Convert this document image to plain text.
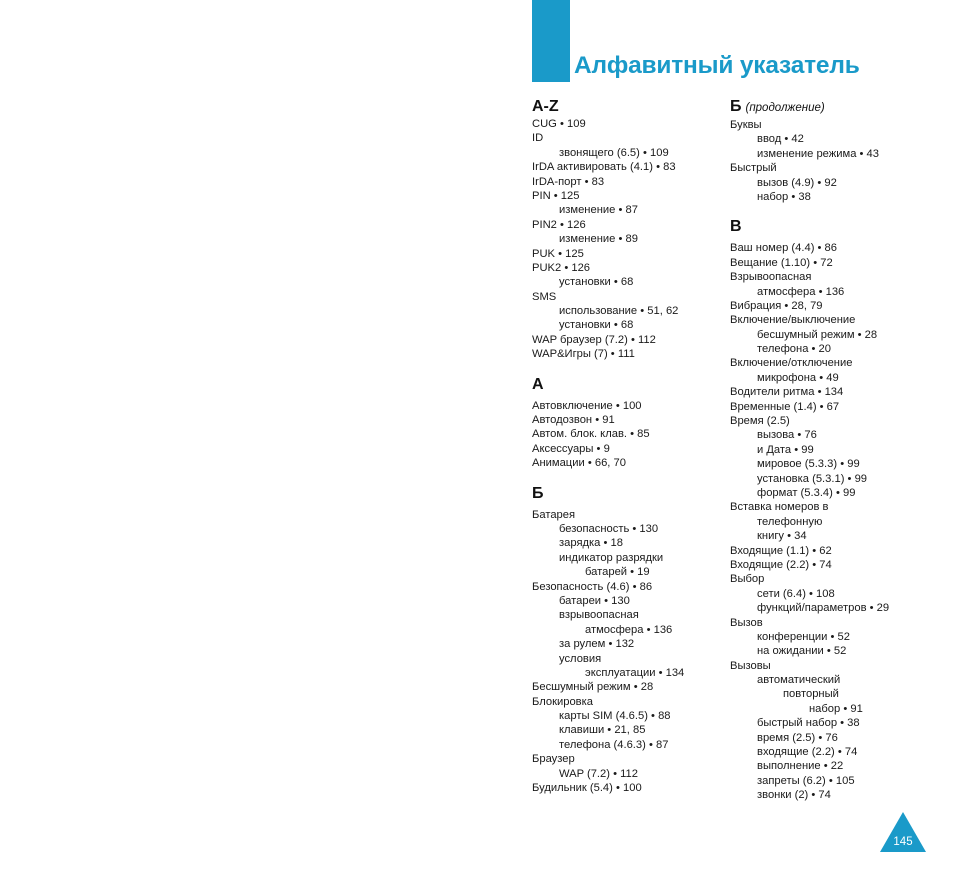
Алфавитный указатель
A-Z
CUG • 109
ID
звонящего (6.5) • 109
IrDA активировать (4.1) • 83
IrDA-порт • 83
PIN • 125
изменение • 87
PIN2 • 126
изменение • 89
PUK • 125
PUK2 • 126
установки • 68
SMS
использование • 51, 62
установки • 68
WAP браузер (7.2) • 112
WAP&Игры (7) • 111
А
Автовключение • 100
Автодозвон • 91
Автом. блок. клав. • 85
Аксессуары • 9
Анимации • 66, 70
Б
Батарея
безопасность • 130
зарядка • 18
индикатор разрядки
батарей • 19
Безопасность (4.6) • 86
батареи • 130
взрывоопасная
атмосфера • 136
за рулем • 132
условия
эксплуатации • 134
Бесшумный режим • 28
Блокировка
карты SIM (4.6.5) • 88
клавиши • 21, 85
телефона (4.6.3) • 87
Браузер
WAP (7.2) • 112
Будильник (5.4) • 100
Б (продолжение)
Буквы
ввод • 42
изменение режима • 43
Быстрый
вызов (4.9) • 92
набор • 38
В
Ваш номер (4.4) • 86
Вещание (1.10) • 72
Взрывоопасная
атмосфера • 136
Вибрация • 28, 79
Включение/выключение
бесшумный режим • 28
телефона • 20
Включение/отключение
микрофона • 49
Водители ритма • 134
Временные (1.4) • 67
Время (2.5)
вызова • 76
и Дата • 99
мировое (5.3.3) • 99
установка (5.3.1) • 99
формат (5.3.4) • 99
Вставка номеров в
телефонную
книгу • 34
Входящие (1.1) • 62
Входящие (2.2) • 74
Выбор
сети (6.4) • 108
функций/параметров • 29
Вызов
конференции • 52
на ожидании • 52
Вызовы
автоматический
повторный
набор • 91
быстрый набор • 38
время (2.5) • 76
входящие (2.2) • 74
выполнение • 22
запреты (6.2) • 105
звонки (2) • 74
145
